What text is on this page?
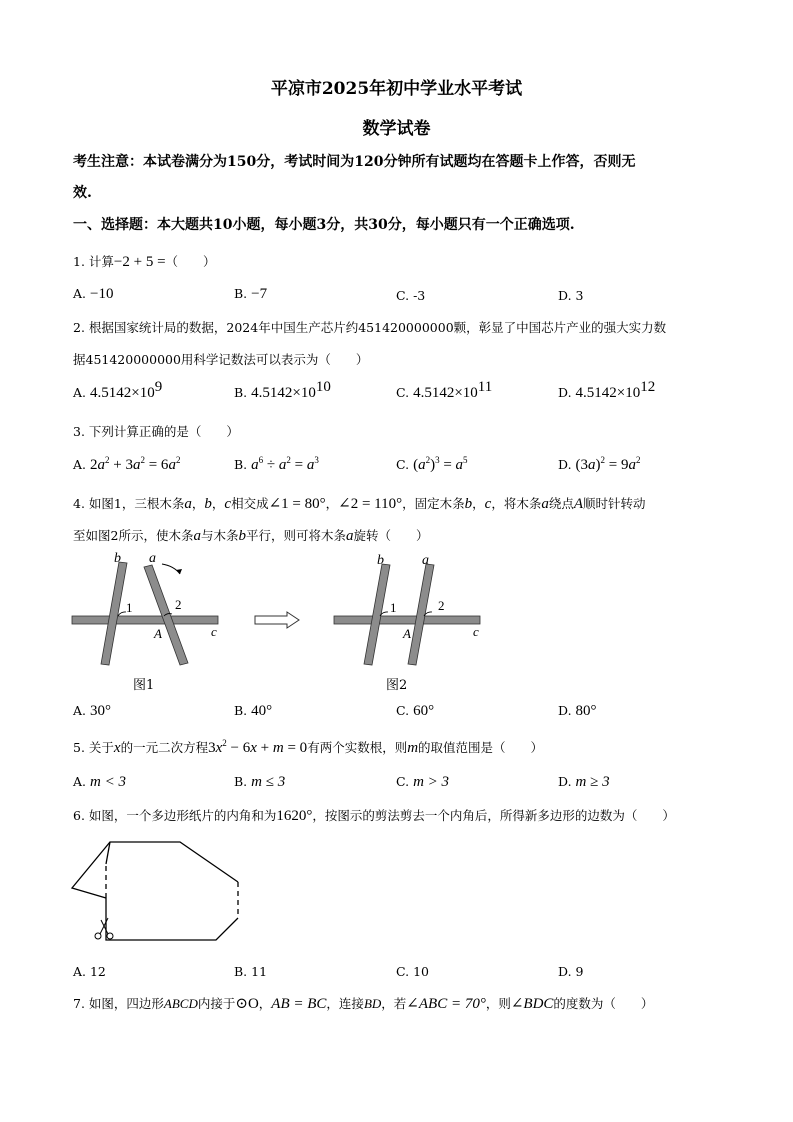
平凉市2025年初中学业水平考试
数学试卷
考生注意：本试卷满分为150分，考试时间为120分钟所有试题均在答题卡上作答，否则无
效.
一、选择题：本大题共10小题，每小题3分，共30分，每小题只有一个正确选项.
1. 计算−2 + 5 =（　　）
A. −10	B. −7	C. -3	D. 3
2. 根据国家统计局的数据，2024年中国生产芯片约451420000000颗，彰显了中国芯片产业的强大实力数
据451420000000用科学记数法可以表示为（　　）
A. $4.5142\times 10^9$	B. $4.5142\times 10^{10}$	C. $4.5142\times 10^{11}$	D. $4.5142\times 10^{12}$
3. 下列计算正确的是（　　）
A. $2a^2 + 3a^2 = 6a^2$	B. $a^6 \div a^2 = a^3$	C. $(a^2)^3 = a^5$	D. $(3a)^2 = 9a^2$
4. 如图1，三根木条a，b，c相交成∠1 = 80°，∠2 = 110°，固定木条b，c，将木条a绕点A顺时针转动
至如图2所示，使木条a与木条b平行，则可将木条a旋转（　　）
b a
1	2
A	c
图1
b	a
1	2
A	c
图2
A. 30°	B. 40°	C. 60°	D. 80°
5. 关于x的一元二次方程$3x^2 - 6x + m = 0$有两个实数根，则m的取值范围是（　　）
A. m < 3	B. m ≤ 3	C. m > 3	D. m ≥ 3
6. 如图，一个多边形纸片的内角和为1620°，按图示的剪法剪去一个内角后，所得新多边形的边数为（　　）
A. 12	B. 11	C. 10	D. 9
7. 如图，四边形ABCD内接于⊙O，AB = BC，连接BD，若∠ABC = 70°，则∠BDC的度数为（　　）
